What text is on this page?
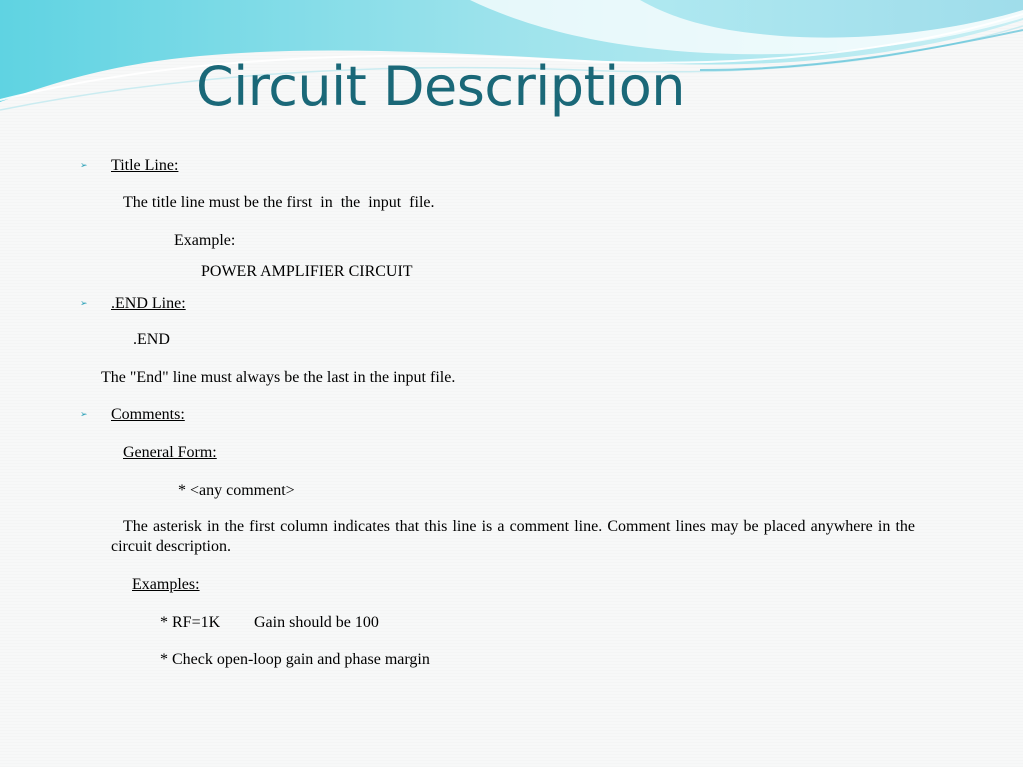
Circuit Description
➢ Title Line:
The title line must be the first  in  the  input  file.
Example:
POWER AMPLIFIER CIRCUIT
➢ .END Line:
.END
The "End" line must always be the last in the input file.
➢ Comments:
General Form:
* <any comment>

The asterisk in the first column indicates that this line is a comment line. Comment lines may be placed anywhere in the circuit description.

Examples:
* RF=1K Gain should be 100
* Check open-loop gain and phase margin
